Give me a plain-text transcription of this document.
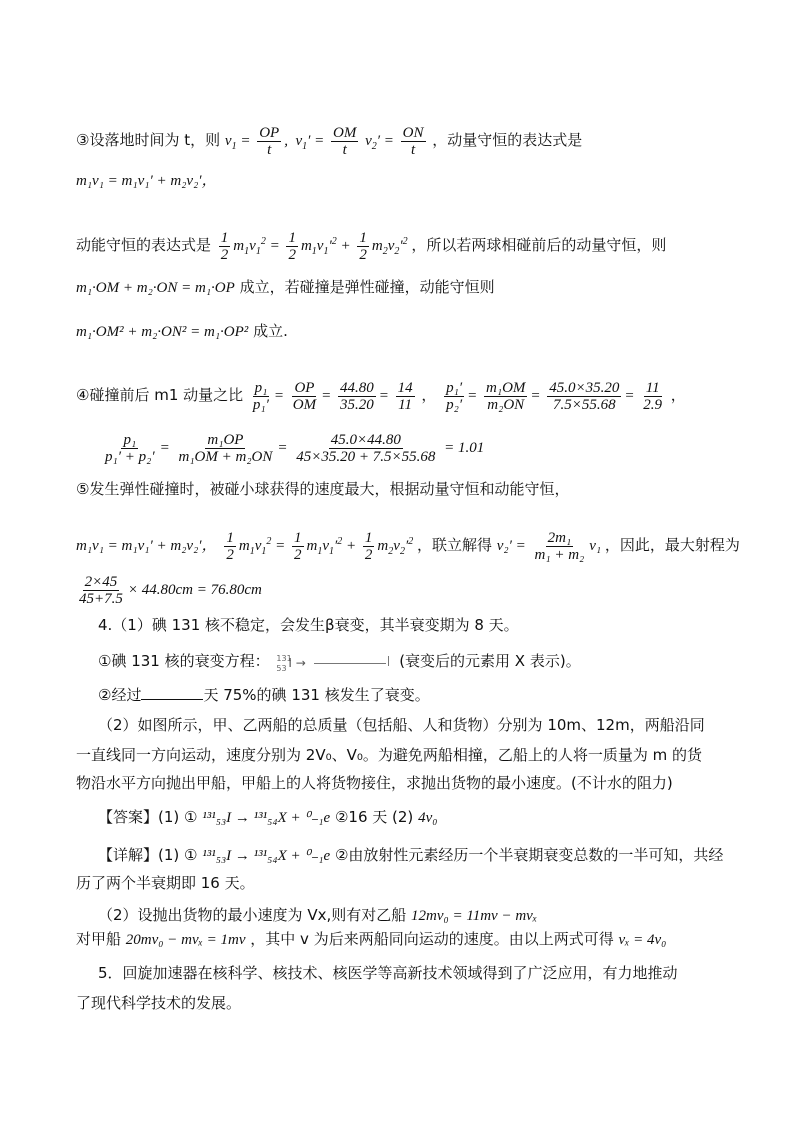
③设落地时间为 t，则 $v_1 = \frac{OP}{t}$ ,  $v_1' = \frac{OM}{t} v_2' = \frac{ON}{t}$ ，动量守恒的表达式是
m₁v₁ = m₁v₁′ + m₂v₂′，
动能守恒的表达式是 $\frac{1}{2} m_1v_1^2 = \frac{1}{2} m_1v_1'^2 + \frac{1}{2} m_2v_2'^2$ ，所以若两球相碰前后的动量守恒，则
m₁·OM + m₂·ON = m₁·OP 成立，若碰撞是弹性碰撞，动能守恒则
m₁·OM² + m₂·ON² = m₁·OP² 成立.
④碰撞前后 m1 动量之比 $\frac{\text{p₁}}{\text{p₁′}} = \frac{OP}{OM} = \frac{44.80}{35.20} = \frac{14}{11}$ ， $\frac{\text{p₁′}}{\text{p₂′}} = \frac{\text{m₁OM}}{\text{m₂ON}} = \frac{45.0\times 35.20}{7.5\times 55.68} = \frac{11}{2.9}$ ，
$\frac{\text{p₁}}{\text{p₁′ + p₂′}} = \frac{\text{m₁OP}}{\text{m₁OM + m₂ON}} = \frac{45.0\times 44.80}{45\times 35.20 + 7.5\times 55.68} = 1.01$
⑤发生弹性碰撞时，被碰小球获得的速度最大，根据动量守恒和动能守恒，
m₁v₁ = m₁v₁′ + m₂v₂′， $\frac{1}{2} m_1v_1^2 = \frac{1}{2} m_1v_1'^2 + \frac{1}{2} m_2v_2'^2$ ，联立解得 $v_2' = \frac{\text{2m₁}}{\text{m₁ + m₂}} v_1$ ，因此，最大射程为
$\frac{2\times 45}{45+7.5} \times 44.80cm = 76.80cm$
4.（1）碘 131 核不稳定，会发生β衰变，其半衰变期为 8 天。
①碘 131 核的衰变方程： 131
53 I →	(衰变后的元素用 X 表示)。
②经过	天 75%的碘 131 核发生了衰变。
（2）如图所示，甲、乙两船的总质量（包括船、人和货物）分别为 10m、12m，两船沿同
一直线同一方向运动，速度分别为 2V₀、V₀。为避免两船相撞，乙船上的人将一质量为 m 的货
物沿水平方向抛出甲船，甲船上的人将货物接住，求抛出货物的最小速度。(不计水的阻力)
【答案】(1) ① ¹³¹₅₃I → ¹³¹₅₄X + ⁰₋₁e ②16 天 (2) 4v₀
【详解】(1) ① ¹³¹₅₃I → ¹³¹₅₄X + ⁰₋₁e ②由放射性元素经历一个半衰期衰变总数的一半可知，共经
历了两个半衰期即 16 天。
（2）设抛出货物的最小速度为 Vx,则有对乙船 12mv₀ = 11mv − mvₓ
对甲船 20mv₀ − mvₓ = 1mv ，其中 v 为后来两船同向运动的速度。由以上两式可得 vₓ = 4v₀
5．回旋加速器在核科学、核技术、核医学等高新技术领域得到了广泛应用，有力地推动
了现代科学技术的发展。
